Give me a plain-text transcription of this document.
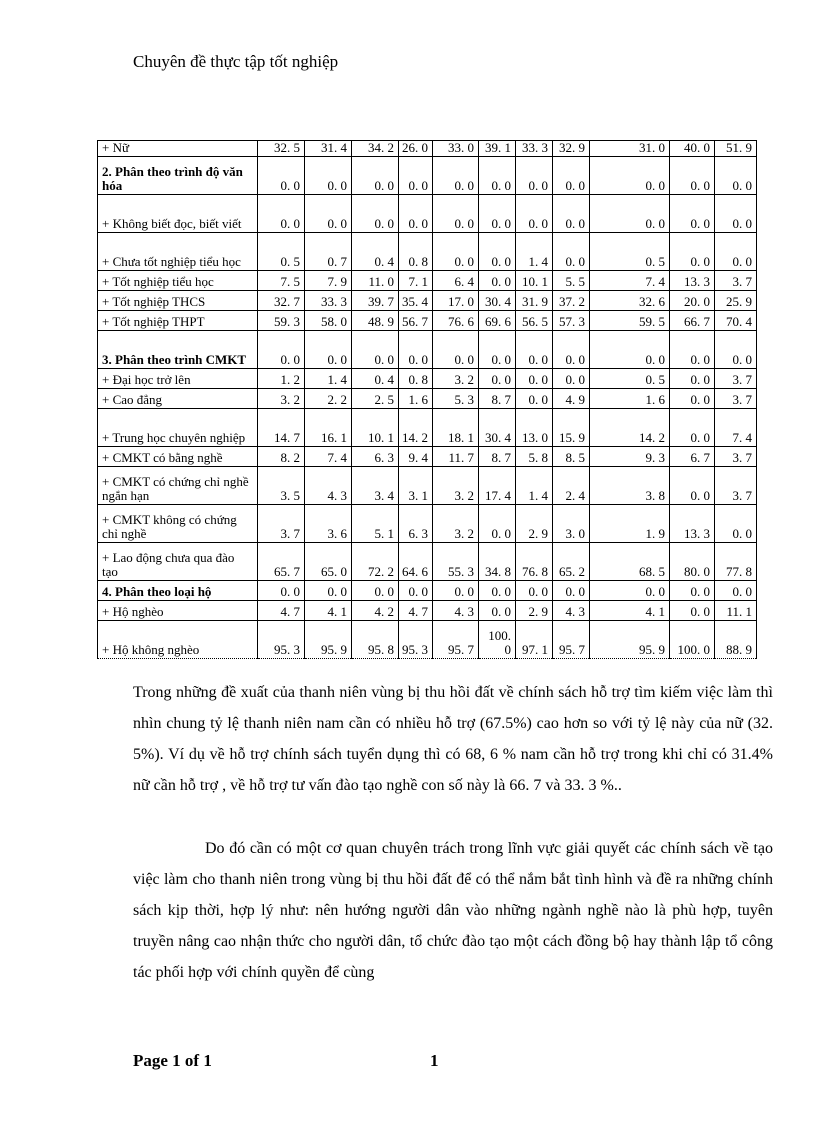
Chuyên đề thực tập tốt nghiệp
+ Nữ	32. 5	31. 4	34. 2	26. 0	33. 0	39. 1	33. 3	32. 9	31. 0	40. 0	51. 9
2. Phân theo trình độ văn hóa	0. 0	0. 0	0. 0	0. 0	0. 0	0. 0	0. 0	0. 0	0. 0	0. 0	0. 0
+ Không biết đọc, biết viết	0. 0	0. 0	0. 0	0. 0	0. 0	0. 0	0. 0	0. 0	0. 0	0. 0	0. 0
+ Chưa tốt nghiệp tiểu học	0. 5	0. 7	0. 4	0. 8	0. 0	0. 0	1. 4	0. 0	0. 5	0. 0	0. 0
+ Tốt nghiệp tiểu học	7. 5	7. 9	11. 0	7. 1	6. 4	0. 0	10. 1	5. 5	7. 4	13. 3	3. 7
+ Tốt nghiệp THCS	32. 7	33. 3	39. 7	35. 4	17. 0	30. 4	31. 9	37. 2	32. 6	20. 0	25. 9
+ Tốt nghiệp THPT	59. 3	58. 0	48. 9	56. 7	76. 6	69. 6	56. 5	57. 3	59. 5	66. 7	70. 4
3. Phân theo trình CMKT	0. 0	0. 0	0. 0	0. 0	0. 0	0. 0	0. 0	0. 0	0. 0	0. 0	0. 0
+ Đại học trở lên	1. 2	1. 4	0. 4	0. 8	3. 2	0. 0	0. 0	0. 0	0. 5	0. 0	3. 7
+ Cao đẳng	3. 2	2. 2	2. 5	1. 6	5. 3	8. 7	0. 0	4. 9	1. 6	0. 0	3. 7
+ Trung học chuyên nghiệp	14. 7	16. 1	10. 1	14. 2	18. 1	30. 4	13. 0	15. 9	14. 2	0. 0	7. 4
+ CMKT có bằng nghề	8. 2	7. 4	6. 3	9. 4	11. 7	8. 7	5. 8	8. 5	9. 3	6. 7	3. 7
+ CMKT có chứng chỉ nghề ngắn hạn	3. 5	4. 3	3. 4	3. 1	3. 2	17. 4	1. 4	2. 4	3. 8	0. 0	3. 7
+ CMKT không có chứng chỉ nghề	3. 7	3. 6	5. 1	6. 3	3. 2	0. 0	2. 9	3. 0	1. 9	13. 3	0. 0
+ Lao động chưa qua đào tạo	65. 7	65. 0	72. 2	64. 6	55. 3	34. 8	76. 8	65. 2	68. 5	80. 0	77. 8
4. Phân theo loại hộ	0. 0	0. 0	0. 0	0. 0	0. 0	0. 0	0. 0	0. 0	0. 0	0. 0	0. 0
+ Hộ nghèo	4. 7	4. 1	4. 2	4. 7	4. 3	0. 0	2. 9	4. 3	4. 1	0. 0	11. 1
+ Hộ không nghèo	95. 3	95. 9	95. 8	95. 3	95. 7	100. 0	97. 1	95. 7	95. 9	100. 0	88. 9
Trong những đề xuất của thanh niên vùng bị thu hồi đất về chính sách hỗ trợ tìm kiếm việc làm thì nhìn chung tỷ lệ thanh niên nam cần có nhiều hỗ trợ (67.5%) cao hơn so với tỷ lệ này của nữ (32. 5%). Ví dụ về hỗ trợ chính sách tuyển dụng thì có 68, 6 % nam cần hỗ trợ trong khi chỉ có 31.4% nữ cần hỗ trợ , về hỗ trợ tư vấn đào tạo nghề con số này là 66. 7 và 33. 3 %..
Do đó cần có một cơ quan chuyên trách trong lĩnh vực giải quyết các chính sách về tạo việc làm cho thanh niên trong vùng bị thu hồi đất để có thể nắm bắt tình hình và đề ra những chính sách kịp thời, hợp lý như: nên hướng người dân vào những ngành nghề nào là phù hợp, tuyên truyền nâng cao nhận thức cho người dân, tổ chức đào tạo một cách đồng bộ hay thành lập tổ công tác phối hợp với chính quyền để cùng
Page 1 of 1	1
